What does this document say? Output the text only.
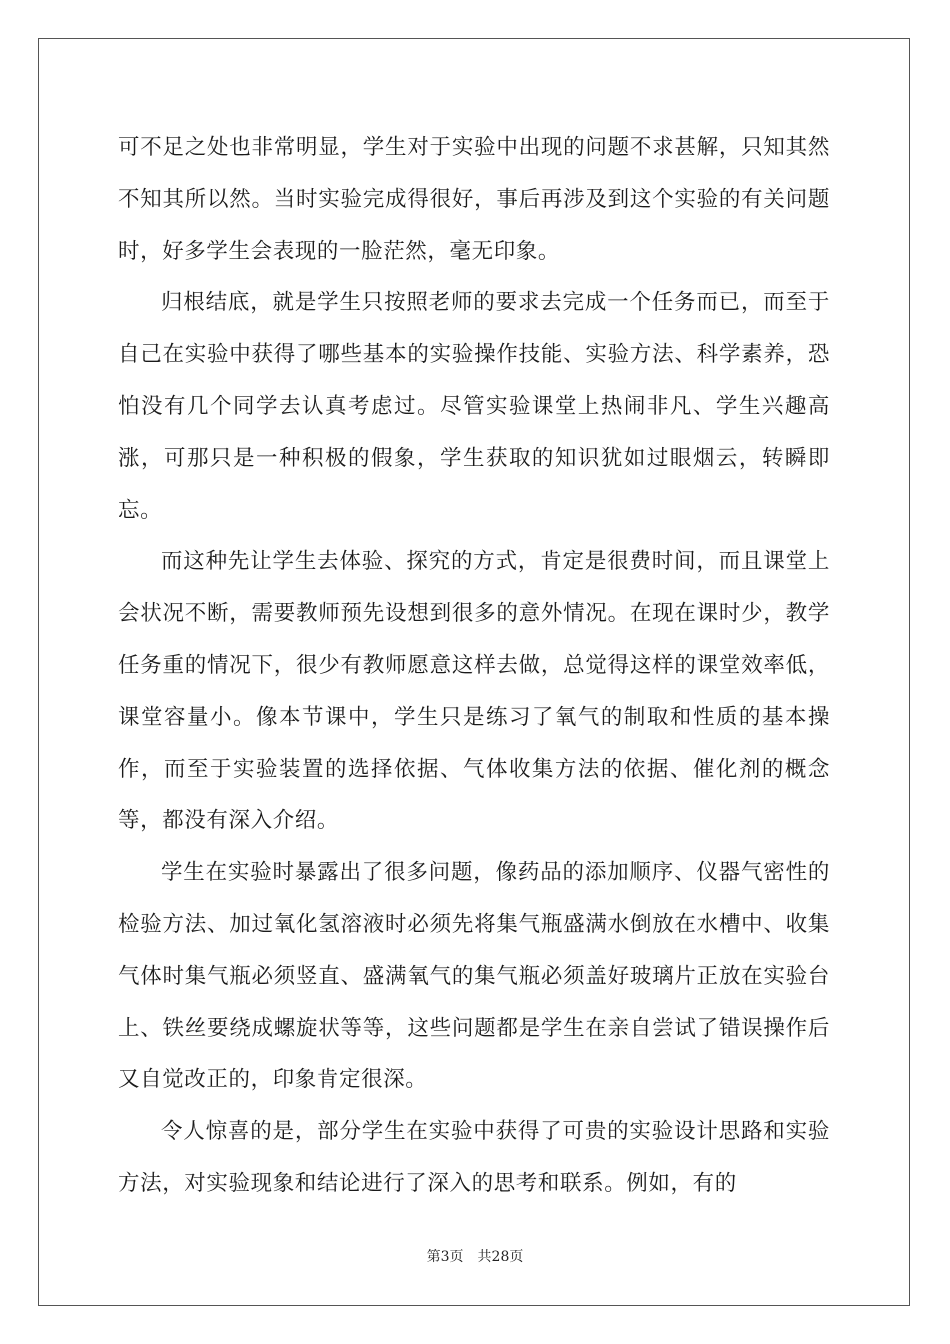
可不足之处也非常明显，学生对于实验中出现的问题不求甚解，只知其然不知其所以然。当时实验完成得很好，事后再涉及到这个实验的有关问题时，好多学生会表现的一脸茫然，毫无印象。

归根结底，就是学生只按照老师的要求去完成一个任务而已，而至于自己在实验中获得了哪些基本的实验操作技能、实验方法、科学素养，恐怕没有几个同学去认真考虑过。尽管实验课堂上热闹非凡、学生兴趣高涨，可那只是一种积极的假象，学生获取的知识犹如过眼烟云，转瞬即忘。

而这种先让学生去体验、探究的方式，肯定是很费时间，而且课堂上会状况不断，需要教师预先设想到很多的意外情况。在现在课时少，教学任务重的情况下，很少有教师愿意这样去做，总觉得这样的课堂效率低，课堂容量小。像本节课中，学生只是练习了氧气的制取和性质的基本操作，而至于实验装置的选择依据、气体收集方法的依据、催化剂的概念等，都没有深入介绍。

学生在实验时暴露出了很多问题，像药品的添加顺序、仪器气密性的检验方法、加过氧化氢溶液时必须先将集气瓶盛满水倒放在水槽中、收集气体时集气瓶必须竖直、盛满氧气的集气瓶必须盖好玻璃片正放在实验台上、铁丝要绕成螺旋状等等，这些问题都是学生在亲自尝试了错误操作后又自觉改正的，印象肯定很深。

令人惊喜的是，部分学生在实验中获得了可贵的实验设计思路和实验方法，对实验现象和结论进行了深入的思考和联系。例如，有的

第3页 共28页
